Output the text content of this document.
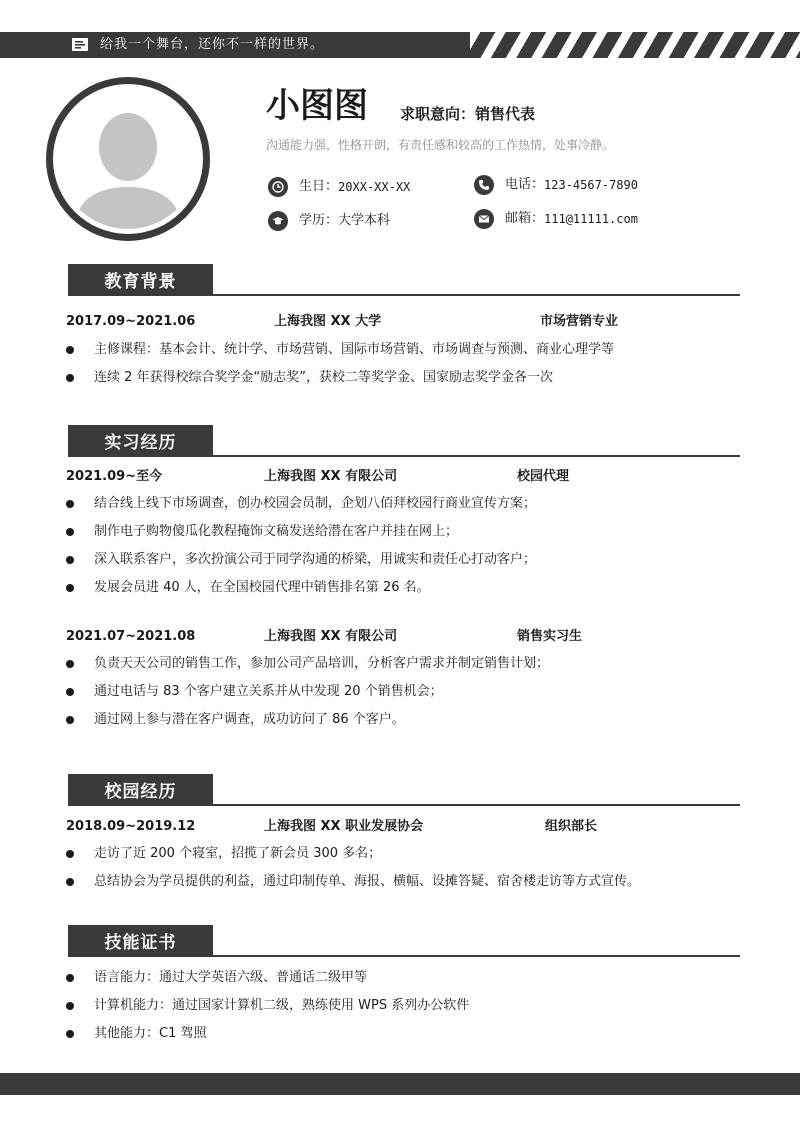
给我一个舞台，还你不一样的世界。
小图图 求职意向：销售代表
沟通能力强，性格开朗，有责任感和较高的工作热情，处事冷静。
生日： 20XX-XX-XX
学历： 大学本科
电话： 123-4567-7890
邮箱： 111@11111.com
教育背景
2017.09~2021.06	上海我图 XX 大学	市场营销专业
主修课程：基本会计、统计学、市场营销、国际市场营销、市场调查与预测、商业心理学等
连续 2 年获得校综合奖学金“励志奖”，获校二等奖学金、国家励志奖学金各一次
实习经历
2021.09~至今	上海我图 XX 有限公司	校园代理
结合线上线下市场调查，创办校园会员制，企划八佰拜校园行商业宣传方案；
制作电子购物傻瓜化教程掩饰文稿发送给潜在客户并挂在网上；
深入联系客户，多次扮演公司于同学沟通的桥梁，用诚实和责任心打动客户；
发展会员进 40 人，在全国校园代理中销售排名第 26 名。
2021.07~2021.08	上海我图 XX 有限公司	销售实习生
负责天天公司的销售工作，参加公司产品培训，分析客户需求并制定销售计划；
通过电话与 83 个客户建立关系并从中发现 20 个销售机会；
通过网上参与潜在客户调查，成功访问了 86 个客户。
校园经历
2018.09~2019.12	上海我图 XX 职业发展协会	组织部长
走访了近 200 个寝室，招揽了新会员 300 多名；
总结协会为学员提供的利益，通过印制传单、海报、横幅、设摊答疑、宿舍楼走访等方式宣传。
技能证书
语言能力：通过大学英语六级、普通话二级甲等
计算机能力：通过国家计算机二级，熟练使用 WPS 系列办公软件
其他能力：C1 驾照
